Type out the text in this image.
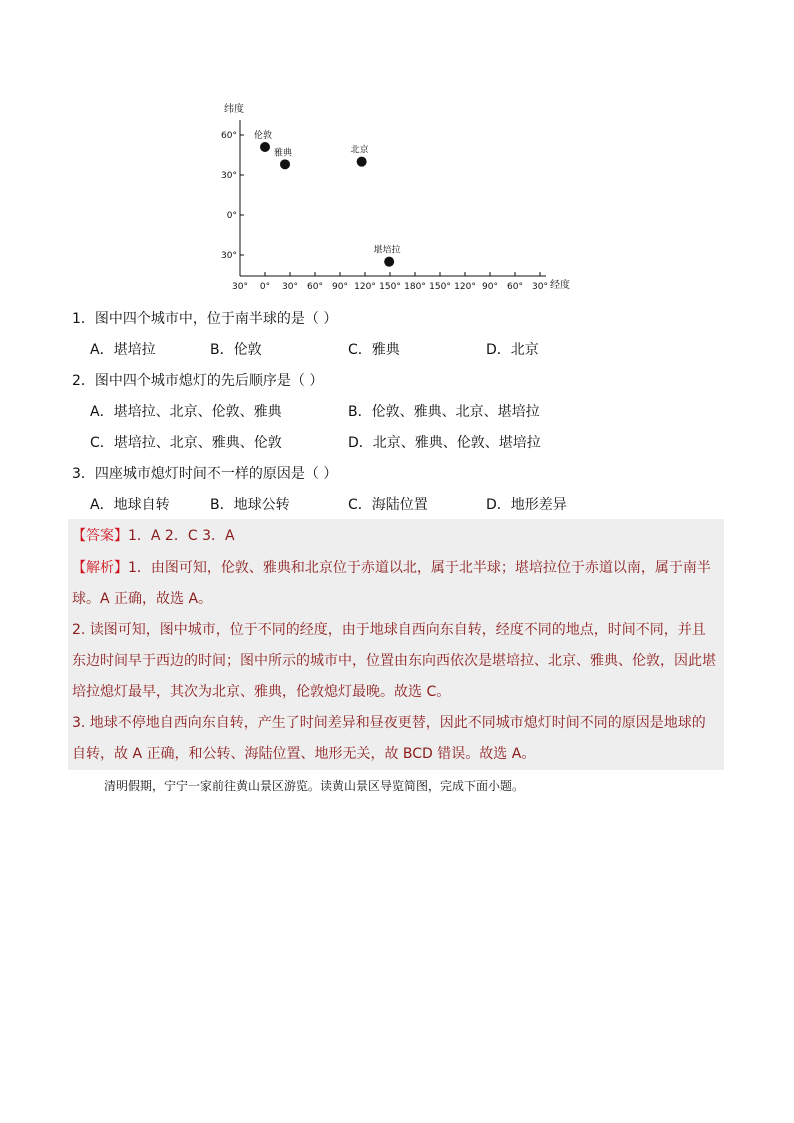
纬度
经度
60°
30°
0°
30°
30° 0° 30° 60° 90° 120° 150° 180° 150° 120° 90° 60° 30°
伦敦
雅典	北京
堪培拉
1．图中四个城市中，位于南半球的是（ ）
A．堪培拉	B．伦敦	C．雅典	D．北京
2．图中四个城市熄灯的先后顺序是（ ）
A．堪培拉、北京、伦敦、雅典	B．伦敦、雅典、北京、堪培拉
C．堪培拉、北京、雅典、伦敦	D．北京、雅典、伦敦、堪培拉
3．四座城市熄灯时间不一样的原因是（ ）
A．地球自转	B．地球公转	C．海陆位置	D．地形差异
【答案】1．A 2．C 3．A
【解析】1．由图可知，伦敦、雅典和北京位于赤道以北，属于北半球；堪培拉位于赤道以南，属于南半
球。A 正确，故选 A。
2. 读图可知，图中城市，位于不同的经度，由于地球自西向东自转，经度不同的地点，时间不同，并且
东边时间早于西边的时间；图中所示的城市中，位置由东向西依次是堪培拉、北京、雅典、伦敦，因此堪
培拉熄灯最早，其次为北京、雅典，伦敦熄灯最晚。故选 C。
3. 地球不停地自西向东自转，产生了时间差异和昼夜更替，因此不同城市熄灯时间不同的原因是地球的
自转，故 A 正确，和公转、海陆位置、地形无关，故 BCD 错误。故选 A。
清明假期，宁宁一家前往黄山景区游览。读黄山景区导览简图，完成下面小题。
